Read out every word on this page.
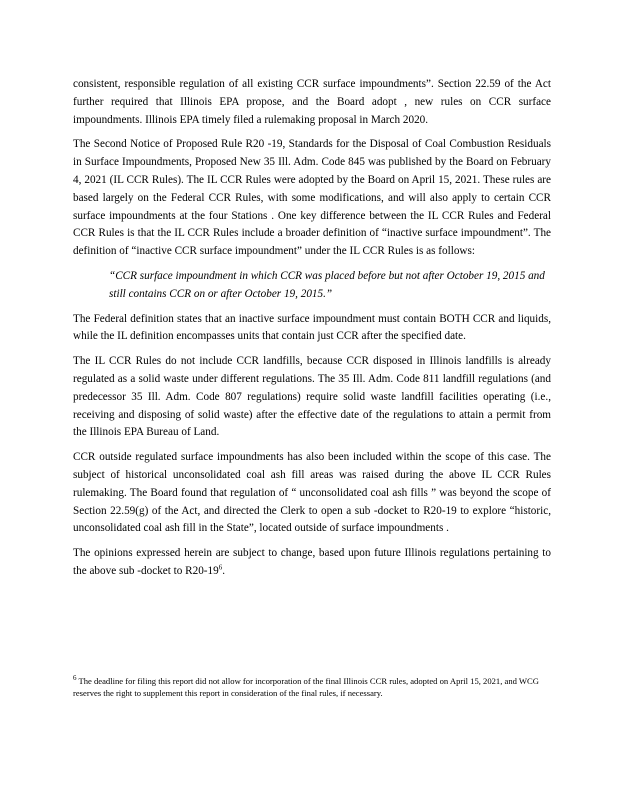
consistent, responsible regulation of all existing CCR surface impoundments”. Section 22.59 of the Act further required that Illinois EPA propose, and the Board adopt , new rules on CCR surface impoundments. Illinois EPA timely filed a rulemaking proposal in March 2020.

The Second Notice of Proposed Rule R20 -19, Standards for the Disposal of Coal Combustion Residuals in Surface Impoundments, Proposed New 35 Ill. Adm. Code 845 was published by the Board on February 4, 2021 (IL CCR Rules). The IL CCR Rules were adopted by the Board on April 15, 2021. These rules are based largely on the Federal CCR Rules, with some modifications, and will also apply to certain CCR surface impoundments at the four Stations . One key difference between the IL CCR Rules and Federal CCR Rules is that the IL CCR Rules include a broader definition of “inactive surface impoundment”. The definition of “inactive CCR surface impoundment” under the IL CCR Rules is as follows:

“CCR surface impoundment in which CCR was placed before but not after October 19, 2015 and still contains CCR on or after October 19, 2015.”

The Federal definition states that an inactive surface impoundment must contain BOTH CCR and liquids, while the IL definition encompasses units that contain just CCR after the specified date.

The IL CCR Rules do not include CCR landfills, because CCR disposed in Illinois landfills is already regulated as a solid waste under different regulations. The 35 Ill. Adm. Code 811 landfill regulations (and predecessor 35 Ill. Adm. Code 807 regulations) require solid waste landfill facilities operating (i.e., receiving and disposing of solid waste) after the effective date of the regulations to attain a permit from the Illinois EPA Bureau of Land.

CCR outside regulated surface impoundments has also been included within the scope of this case. The subject of historical unconsolidated coal ash fill areas was raised during the above IL CCR Rules rulemaking. The Board found that regulation of “ unconsolidated coal ash fills ” was beyond the scope of Section 22.59(g) of the Act, and directed the Clerk to open a sub -docket to R20-19 to explore “historic, unconsolidated coal ash fill in the State”, located outside of surface impoundments .

The opinions expressed herein are subject to change, based upon future Illinois regulations pertaining to the above sub -docket to $R20-19^6$.

$^6$ The deadline for filing this report did not allow for incorporation of the final Illinois CCR rules, adopted on April 15, 2021, and WCG reserves the right to supplement this report in consideration of the final rules, if necessary.
